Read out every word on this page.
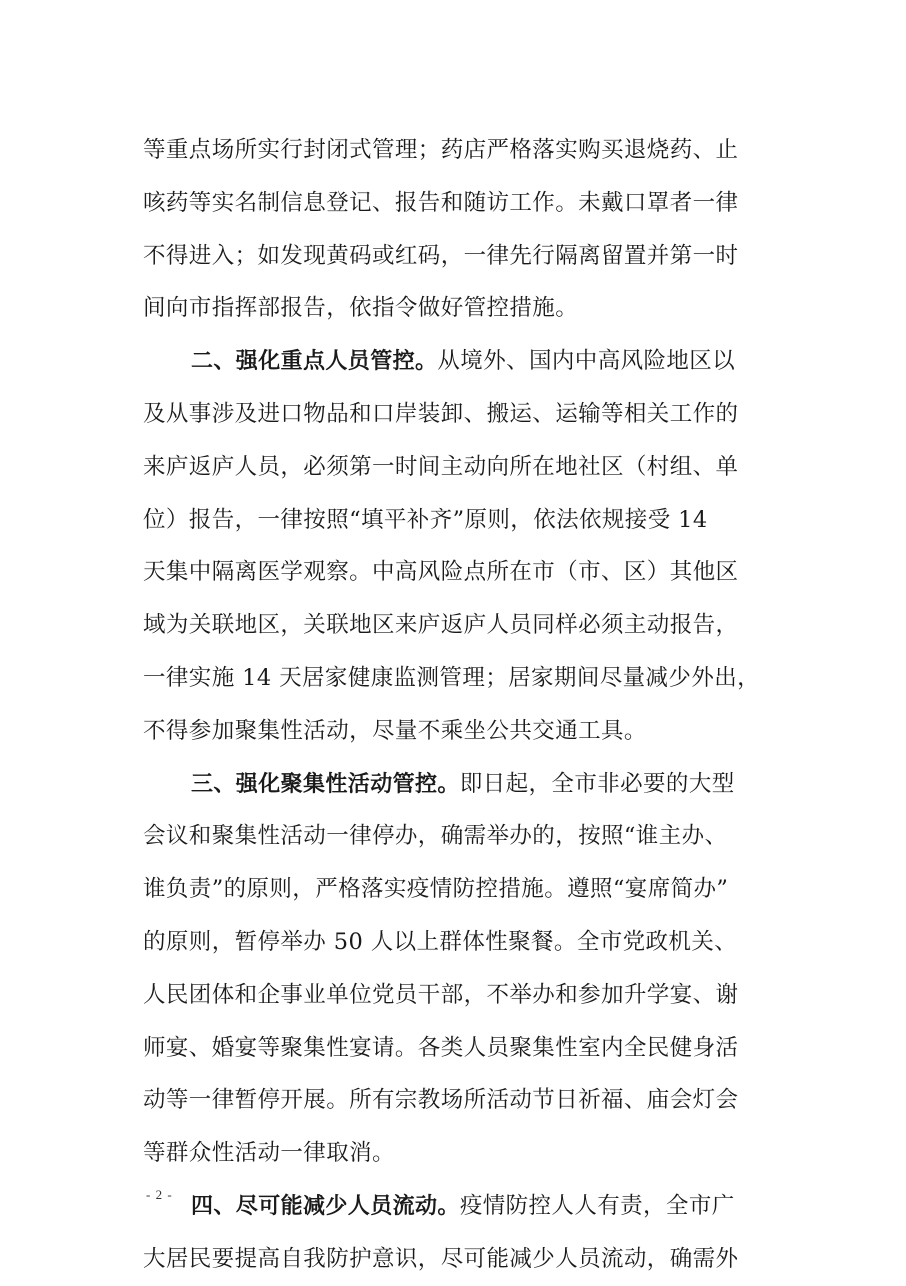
等重点场所实行封闭式管理；药店严格落实购买退烧药、止
咳药等实名制信息登记、报告和随访工作。未戴口罩者一律
不得进入；如发现黄码或红码，一律先行隔离留置并第一时
间向市指挥部报告，依指令做好管控措施。
二、强化重点人员管控。从境外、国内中高风险地区以
及从事涉及进口物品和口岸装卸、搬运、运输等相关工作的
来庐返庐人员，必须第一时间主动向所在地社区（村组、单
位）报告，一律按照“填平补齐”原则，依法依规接受 14
天集中隔离医学观察。中高风险点所在市（市、区）其他区
域为关联地区，关联地区来庐返庐人员同样必须主动报告，
一律实施 14 天居家健康监测管理；居家期间尽量减少外出，
不得参加聚集性活动，尽量不乘坐公共交通工具。
三、强化聚集性活动管控。即日起，全市非必要的大型
会议和聚集性活动一律停办，确需举办的，按照“谁主办、
谁负责”的原则，严格落实疫情防控措施。遵照“宴席简办”
的原则，暂停举办 50 人以上群体性聚餐。全市党政机关、
人民团体和企事业单位党员干部，不举办和参加升学宴、谢
师宴、婚宴等聚集性宴请。各类人员聚集性室内全民健身活
动等一律暂停开展。所有宗教场所活动节日祈福、庙会灯会
等群众性活动一律取消。
四、尽可能减少人员流动。疫情防控人人有责，全市广
大居民要提高自我防护意识，尽可能减少人员流动，确需外
- 2 -
